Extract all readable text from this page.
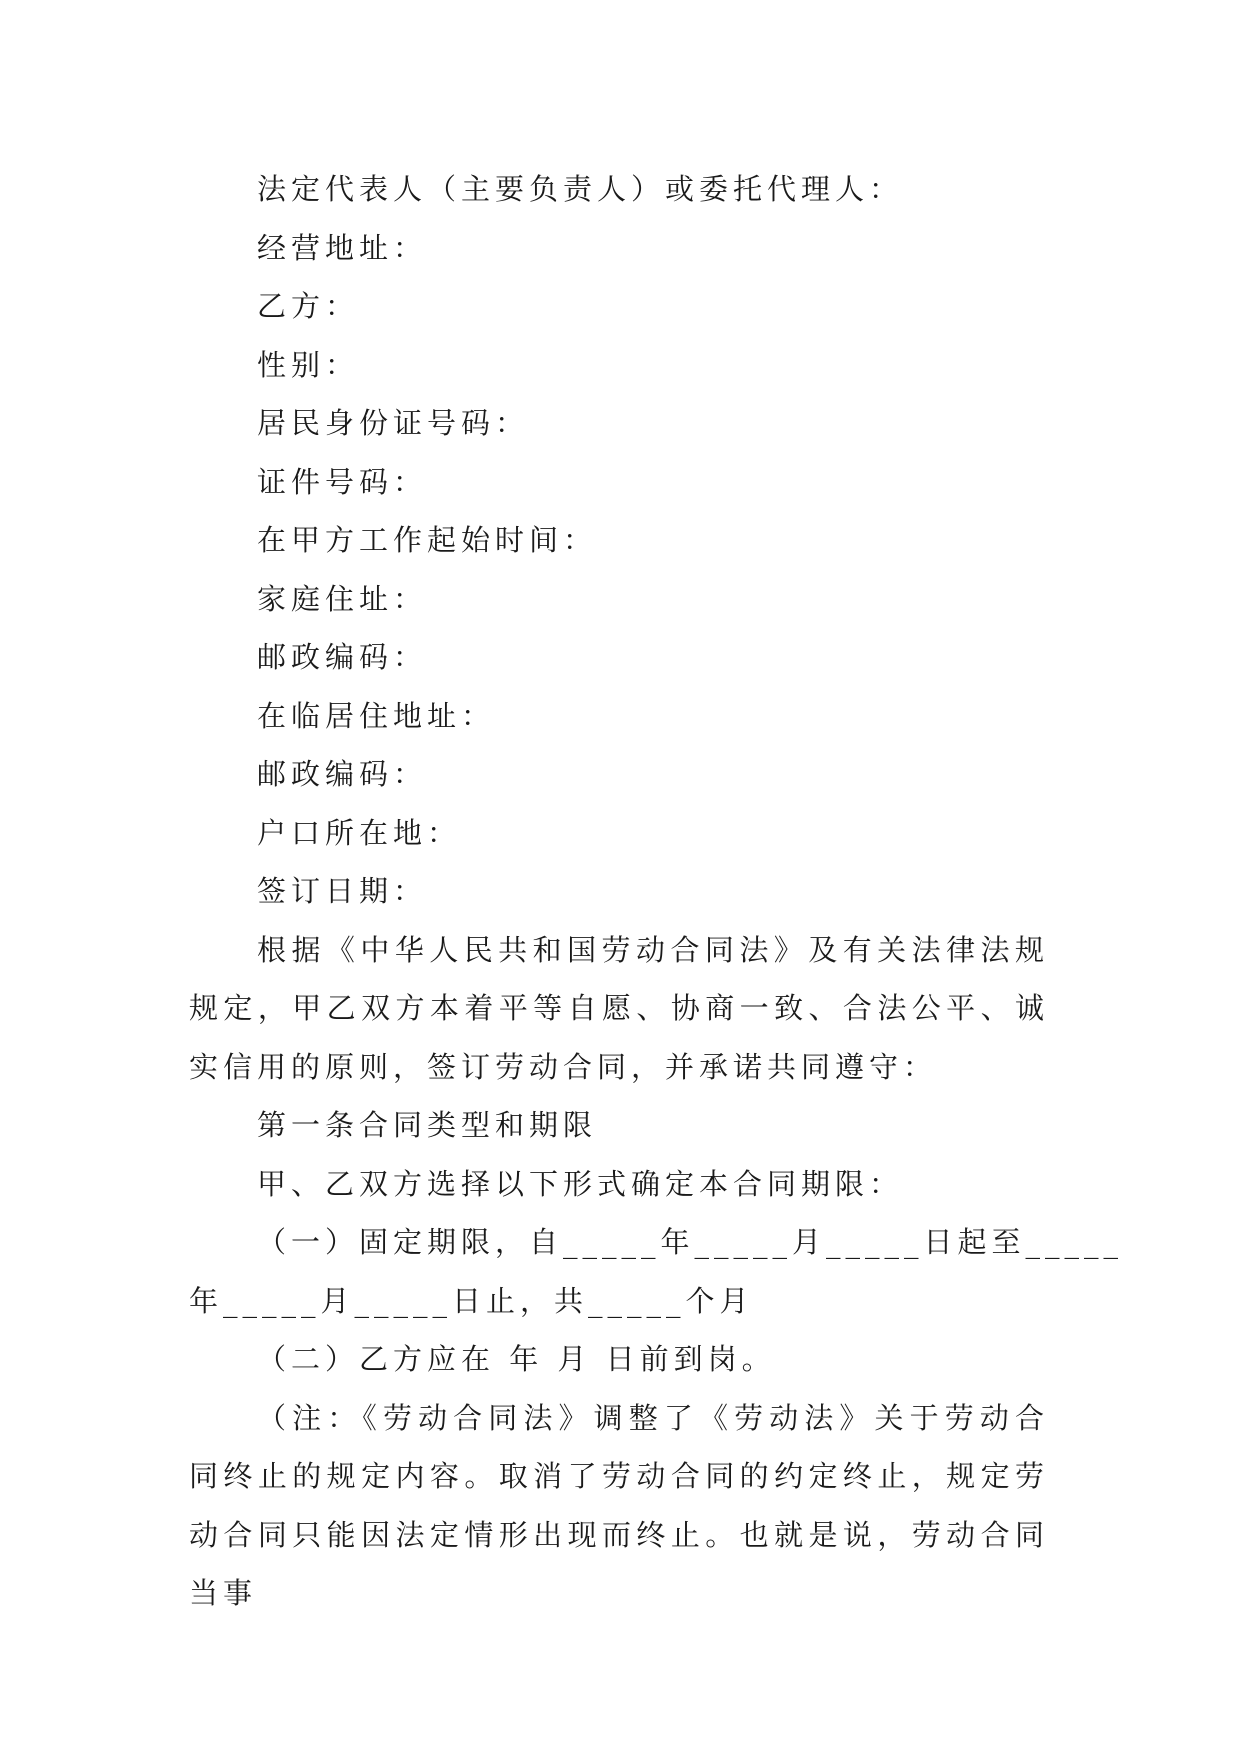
法定代表人（主要负责人）或委托代理人：

经营地址：

乙方：

性别：

居民身份证号码：

证件号码：

在甲方工作起始时间：

家庭住址：

邮政编码：

在临居住地址：

邮政编码：

户口所在地：

签订日期：

根据《中华人民共和国劳动合同法》及有关法律法规规定，甲乙双方本着平等自愿、协商一致、合法公平、诚实信用的原则，签订劳动合同，并承诺共同遵守：

第一条合同类型和期限

甲、乙双方选择以下形式确定本合同期限：

（一）固定期限，自_____年_____月_____日起至_____

年_____月_____日止，共_____个月

（二）乙方应在 年 月 日前到岗。

（注：《劳动合同法》调整了《劳动法》关于劳动合同终止的规定内容。取消了劳动合同的约定终止，规定劳动合同只能因法定情形出现而终止。也就是说，劳动合同当事
